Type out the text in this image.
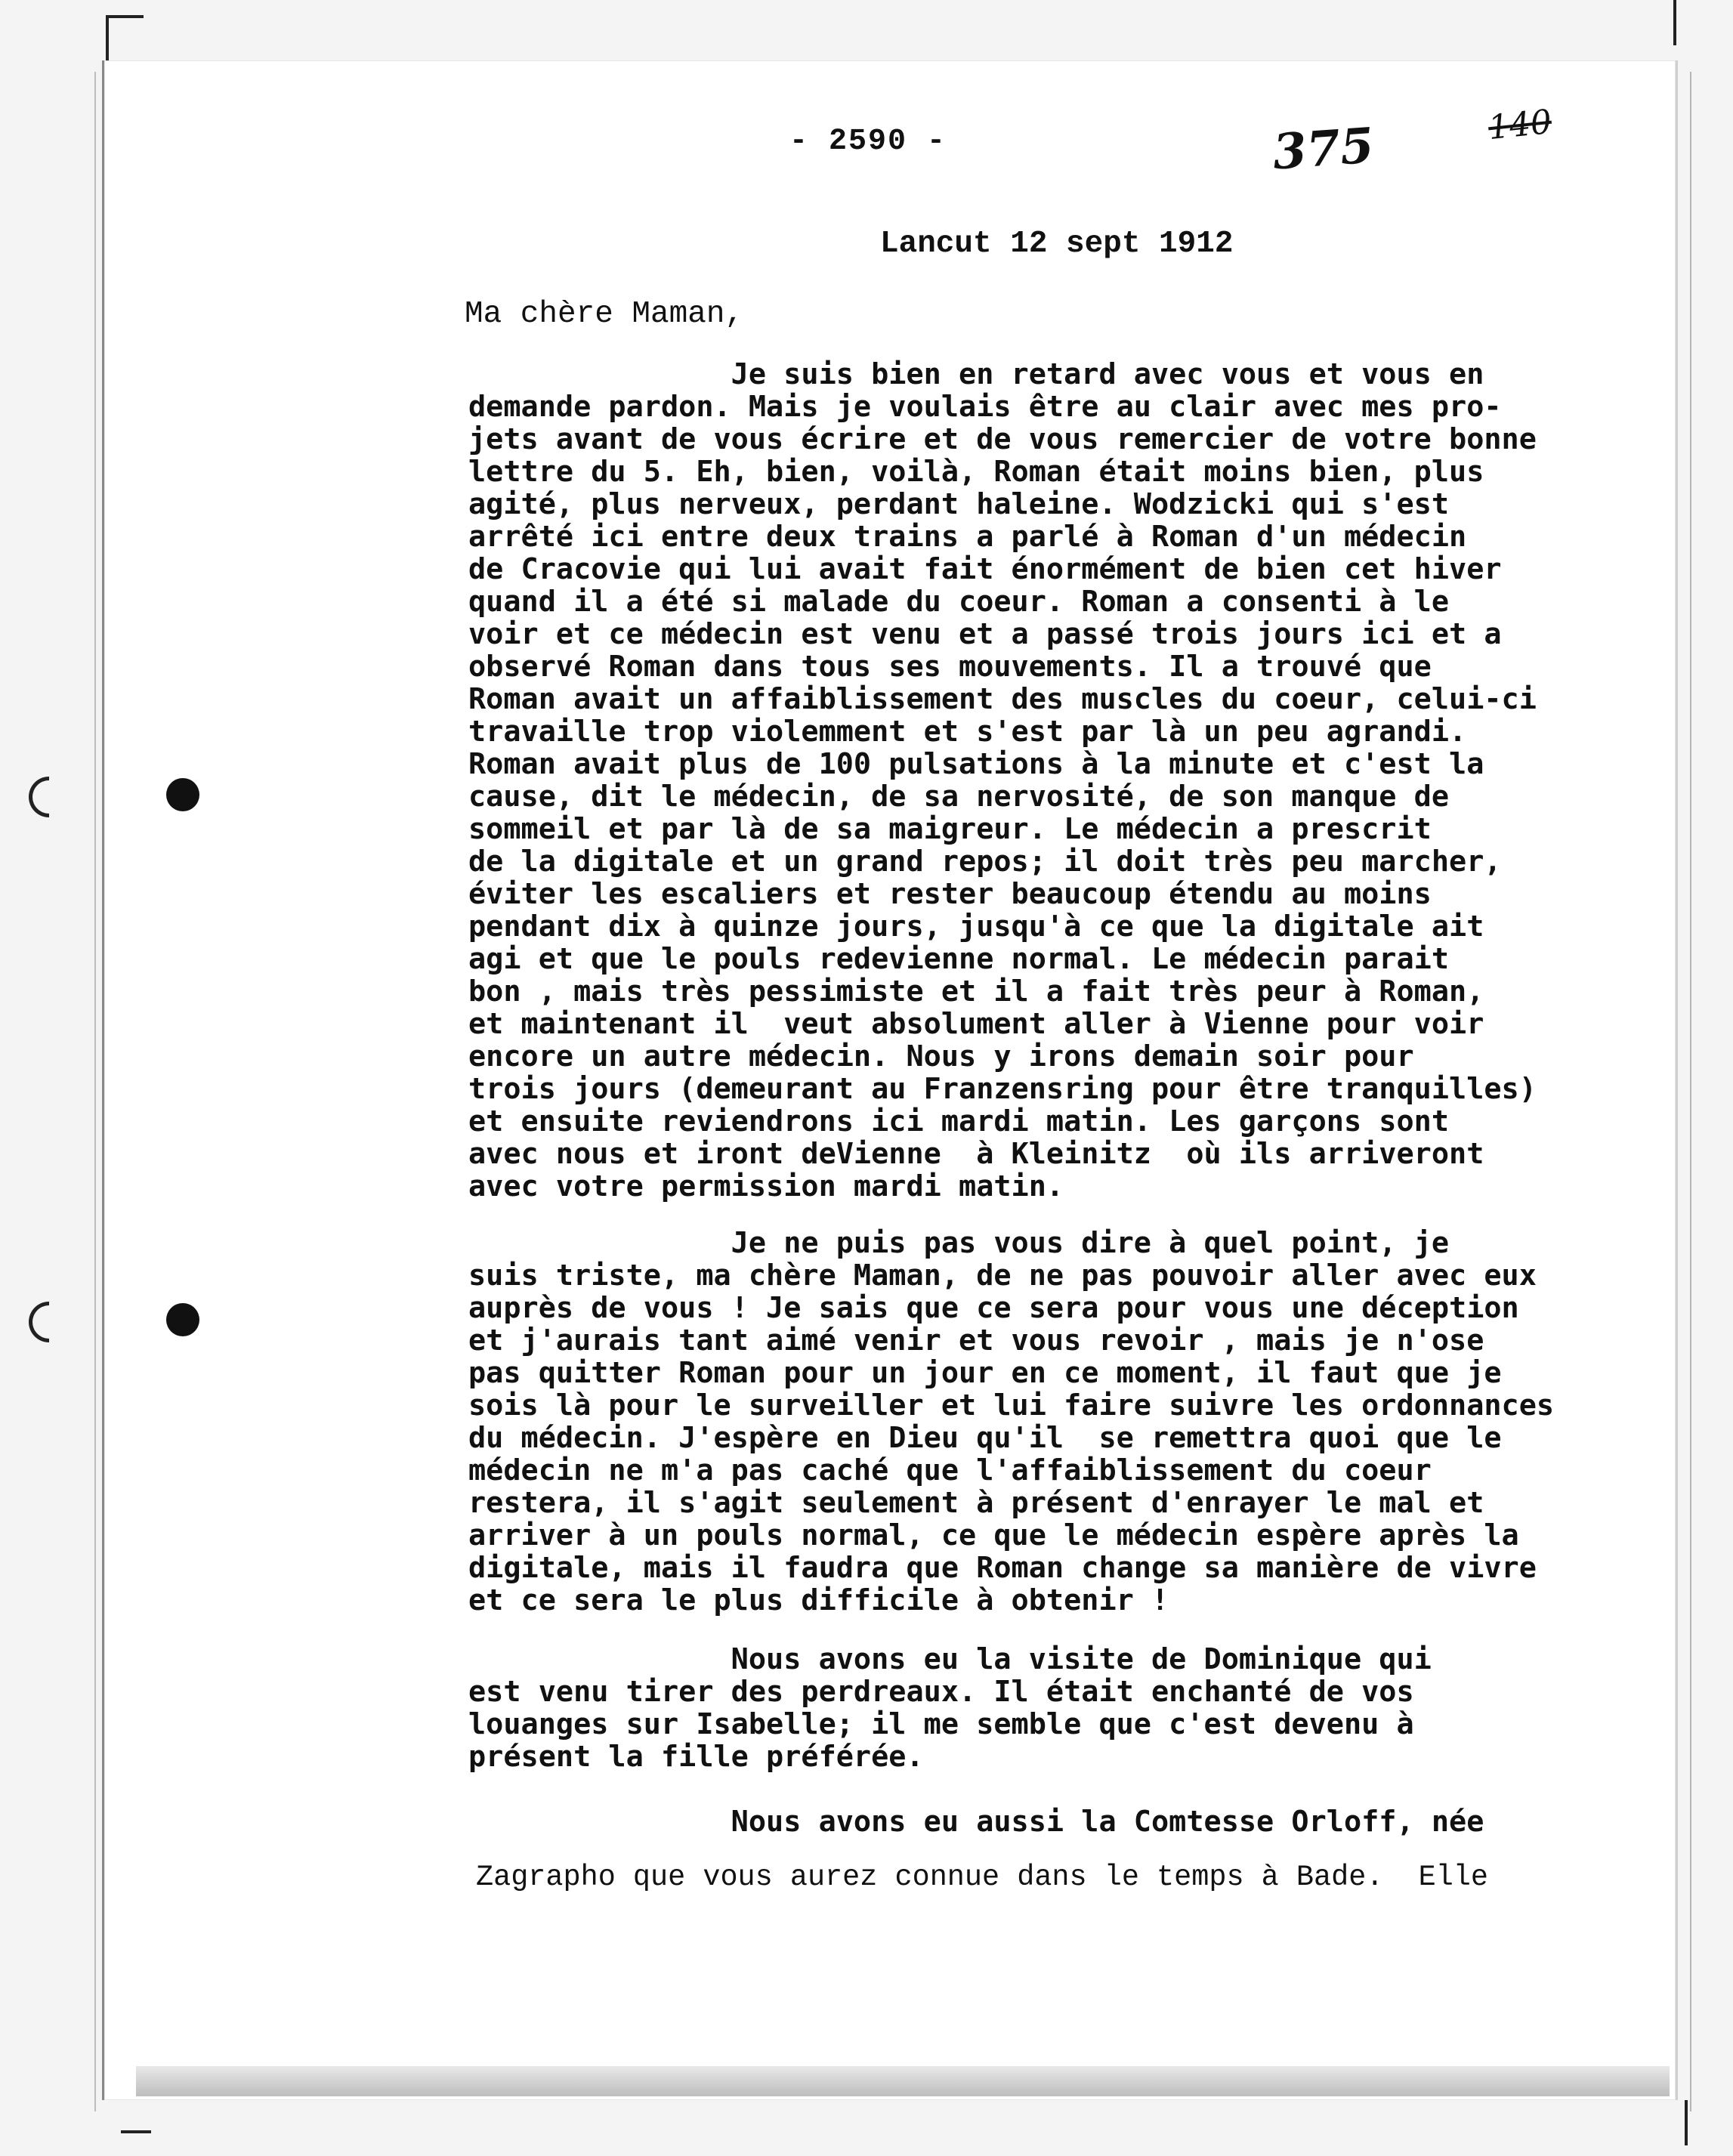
- 2590 -	375	140
Lancut 12 sept 1912
Ma chère Maman,
Je suis bien en retard avec vous et vous en
demande pardon. Mais je voulais être au clair avec mes pro-
jets avant de vous écrire et de vous remercier de votre bonne
lettre du 5. Eh, bien, voilà, Roman était moins bien, plus
agité, plus nerveux, perdant haleine. Wodzicki qui s'est
arrêté ici entre deux trains a parlé à Roman d'un médecin
de Cracovie qui lui avait fait énormément de bien cet hiver
quand il a été si malade du coeur. Roman a consenti à le
voir et ce médecin est venu et a passé trois jours ici et a
observé Roman dans tous ses mouvements. Il a trouvé que
Roman avait un affaiblissement des muscles du coeur, celui-ci
travaille trop violemment et s'est par là un peu agrandi.
Roman avait plus de 100 pulsations à la minute et c'est la
cause, dit le médecin, de sa nervosité, de son manque de
sommeil et par là de sa maigreur. Le médecin a prescrit
de la digitale et un grand repos; il doit très peu marcher,
éviter les escaliers et rester beaucoup étendu au moins
pendant dix à quinze jours, jusqu'à ce que la digitale ait
agi et que le pouls redevienne normal. Le médecin parait
bon , mais très pessimiste et il a fait très peur à Roman,
et maintenant il  veut absolument aller à Vienne pour voir
encore un autre médecin. Nous y irons demain soir pour
trois jours (demeurant au Franzensring pour être tranquilles)
et ensuite reviendrons ici mardi matin. Les garçons sont
avec nous et iront deVienne  à Kleinitz  où ils arriveront
avec votre permission mardi matin.
Je ne puis pas vous dire à quel point, je
suis triste, ma chère Maman, de ne pas pouvoir aller avec eux
auprès de vous ! Je sais que ce sera pour vous une déception
et j'aurais tant aimé venir et vous revoir , mais je n'ose
pas quitter Roman pour un jour en ce moment, il faut que je
sois là pour le surveiller et lui faire suivre les ordonnances
du médecin. J'espère en Dieu qu'il  se remettra quoi que le
médecin ne m'a pas caché que l'affaiblissement du coeur
restera, il s'agit seulement à présent d'enrayer le mal et
arriver à un pouls normal, ce que le médecin espère après la
digitale, mais il faudra que Roman change sa manière de vivre
et ce sera le plus difficile à obtenir !
Nous avons eu la visite de Dominique qui
est venu tirer des perdreaux. Il était enchanté de vos
louanges sur Isabelle; il me semble que c'est devenu à
présent la fille préférée.
Nous avons eu aussi la Comtesse Orloff, née
Zagrapho que vous aurez connue dans le temps à Bade.  Elle
